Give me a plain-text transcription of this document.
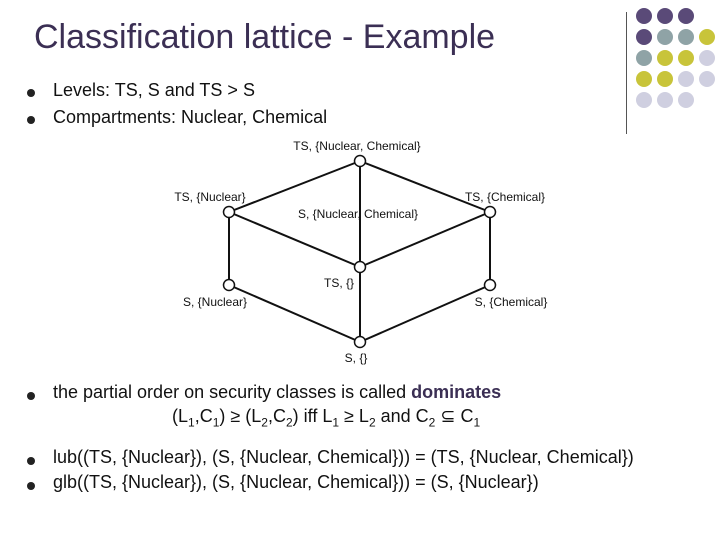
Classification lattice - Example
Levels: TS, S and TS > S
Compartments: Nuclear, Chemical
TS, {Nuclear, Chemical}
TS, {Nuclear}	TS, {Chemical}
S, {Nuclear, Chemical}
TS, {}
S, {Nuclear}	S, {Chemical}
S, {}
the partial order on security classes is called dominates
$(L_1,C_1) \ge (L_2,C_2)$ iff $L_1 \ge L_2$ and $C_2$ ⊆ $C_1$
lub((TS, {Nuclear}), (S, {Nuclear, Chemical})) = (TS, {Nuclear, Chemical})
glb((TS, {Nuclear}), (S, {Nuclear, Chemical})) = (S, {Nuclear})
